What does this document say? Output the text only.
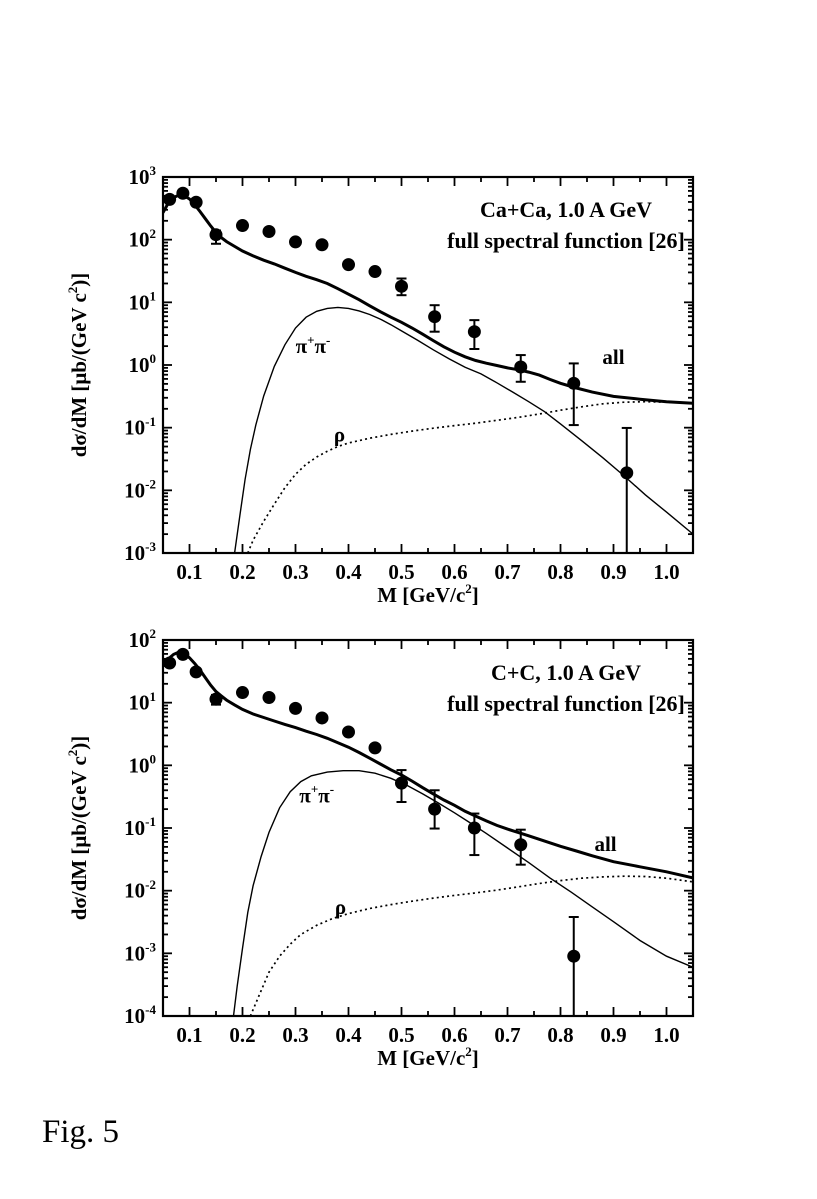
0.1 0.2 0.3 0.4 0.5 0.6 0.7 0.8 0.9 1.0
$10^3$
$10^2$
$10^1$
$10^0$
$10^{-1}$
$10^{-2}$
$10^{-3}$
M $[GeV/c^2]$
dσ/dM [μb/(GeV $c^2$)]
Ca+Ca, 1.0 A GeV
full spectral function [26]
π+π-
ρ
all
0.1 0.2 0.3 0.4 0.5 0.6 0.7 0.8 0.9 1.0
$10^2$
$10^1$
$10^0$
$10^{-1}$
$10^{-2}$
$10^{-3}$
$10^{-4}$
M $[GeV/c^2]$
dσ/dM [μb/(GeV $c^2$)]
C+C, 1.0 A GeV
full spectral function [26]
π+π-
ρ
all
Fig. 5
